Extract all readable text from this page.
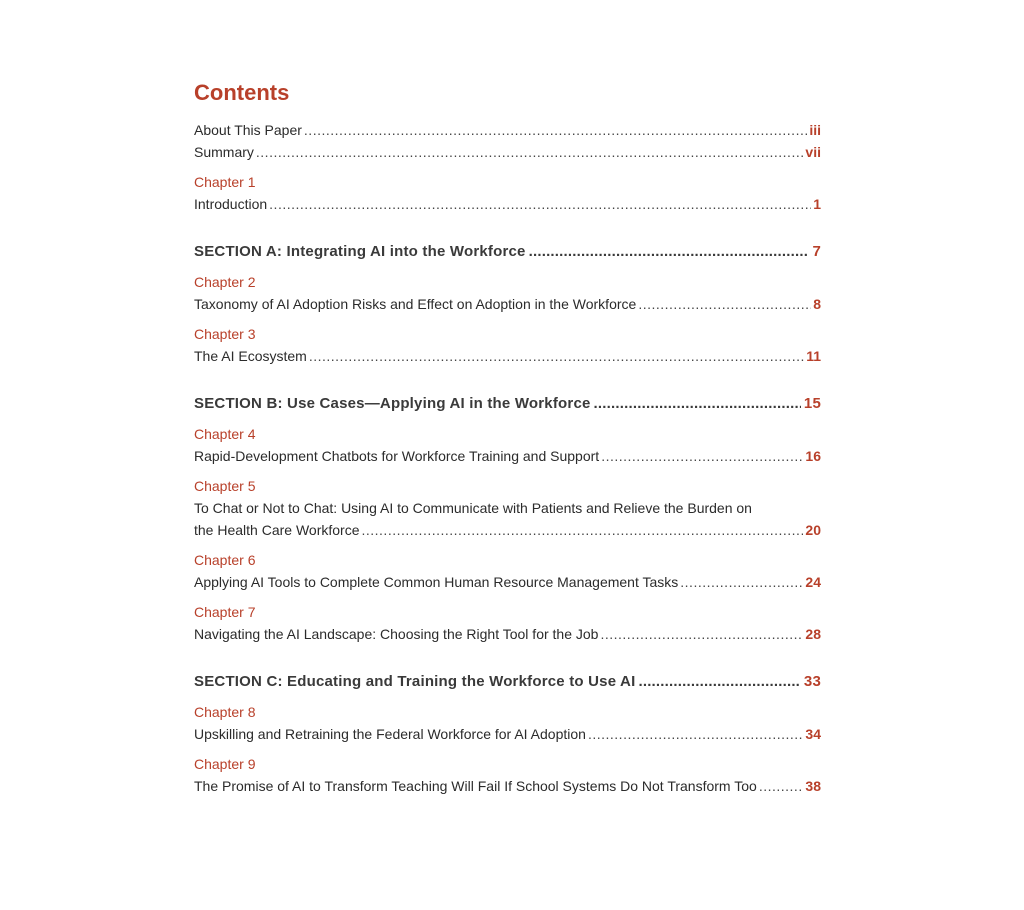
Contents
About This Paper .....	iii
Summary .....	vii
Chapter 1
Introduction .....	1
SECTION A: Integrating AI into the Workforce .....	7
Chapter 2
Taxonomy of AI Adoption Risks and Effect on Adoption in the Workforce .....	8
Chapter 3
The AI Ecosystem .....	11
SECTION B: Use Cases—Applying AI in the Workforce .....	15
Chapter 4
Rapid-Development Chatbots for Workforce Training and Support .....	16
Chapter 5
To Chat or Not to Chat: Using AI to Communicate with Patients and Relieve the Burden on
the Health Care Workforce .....	20
Chapter 6
Applying AI Tools to Complete Common Human Resource Management Tasks .....	24
Chapter 7
Navigating the AI Landscape: Choosing the Right Tool for the Job .....	28
SECTION C: Educating and Training the Workforce to Use AI .....	33
Chapter 8
Upskilling and Retraining the Federal Workforce for AI Adoption .....	34
Chapter 9
The Promise of AI to Transform Teaching Will Fail If School Systems Do Not Transform Too .....	38
